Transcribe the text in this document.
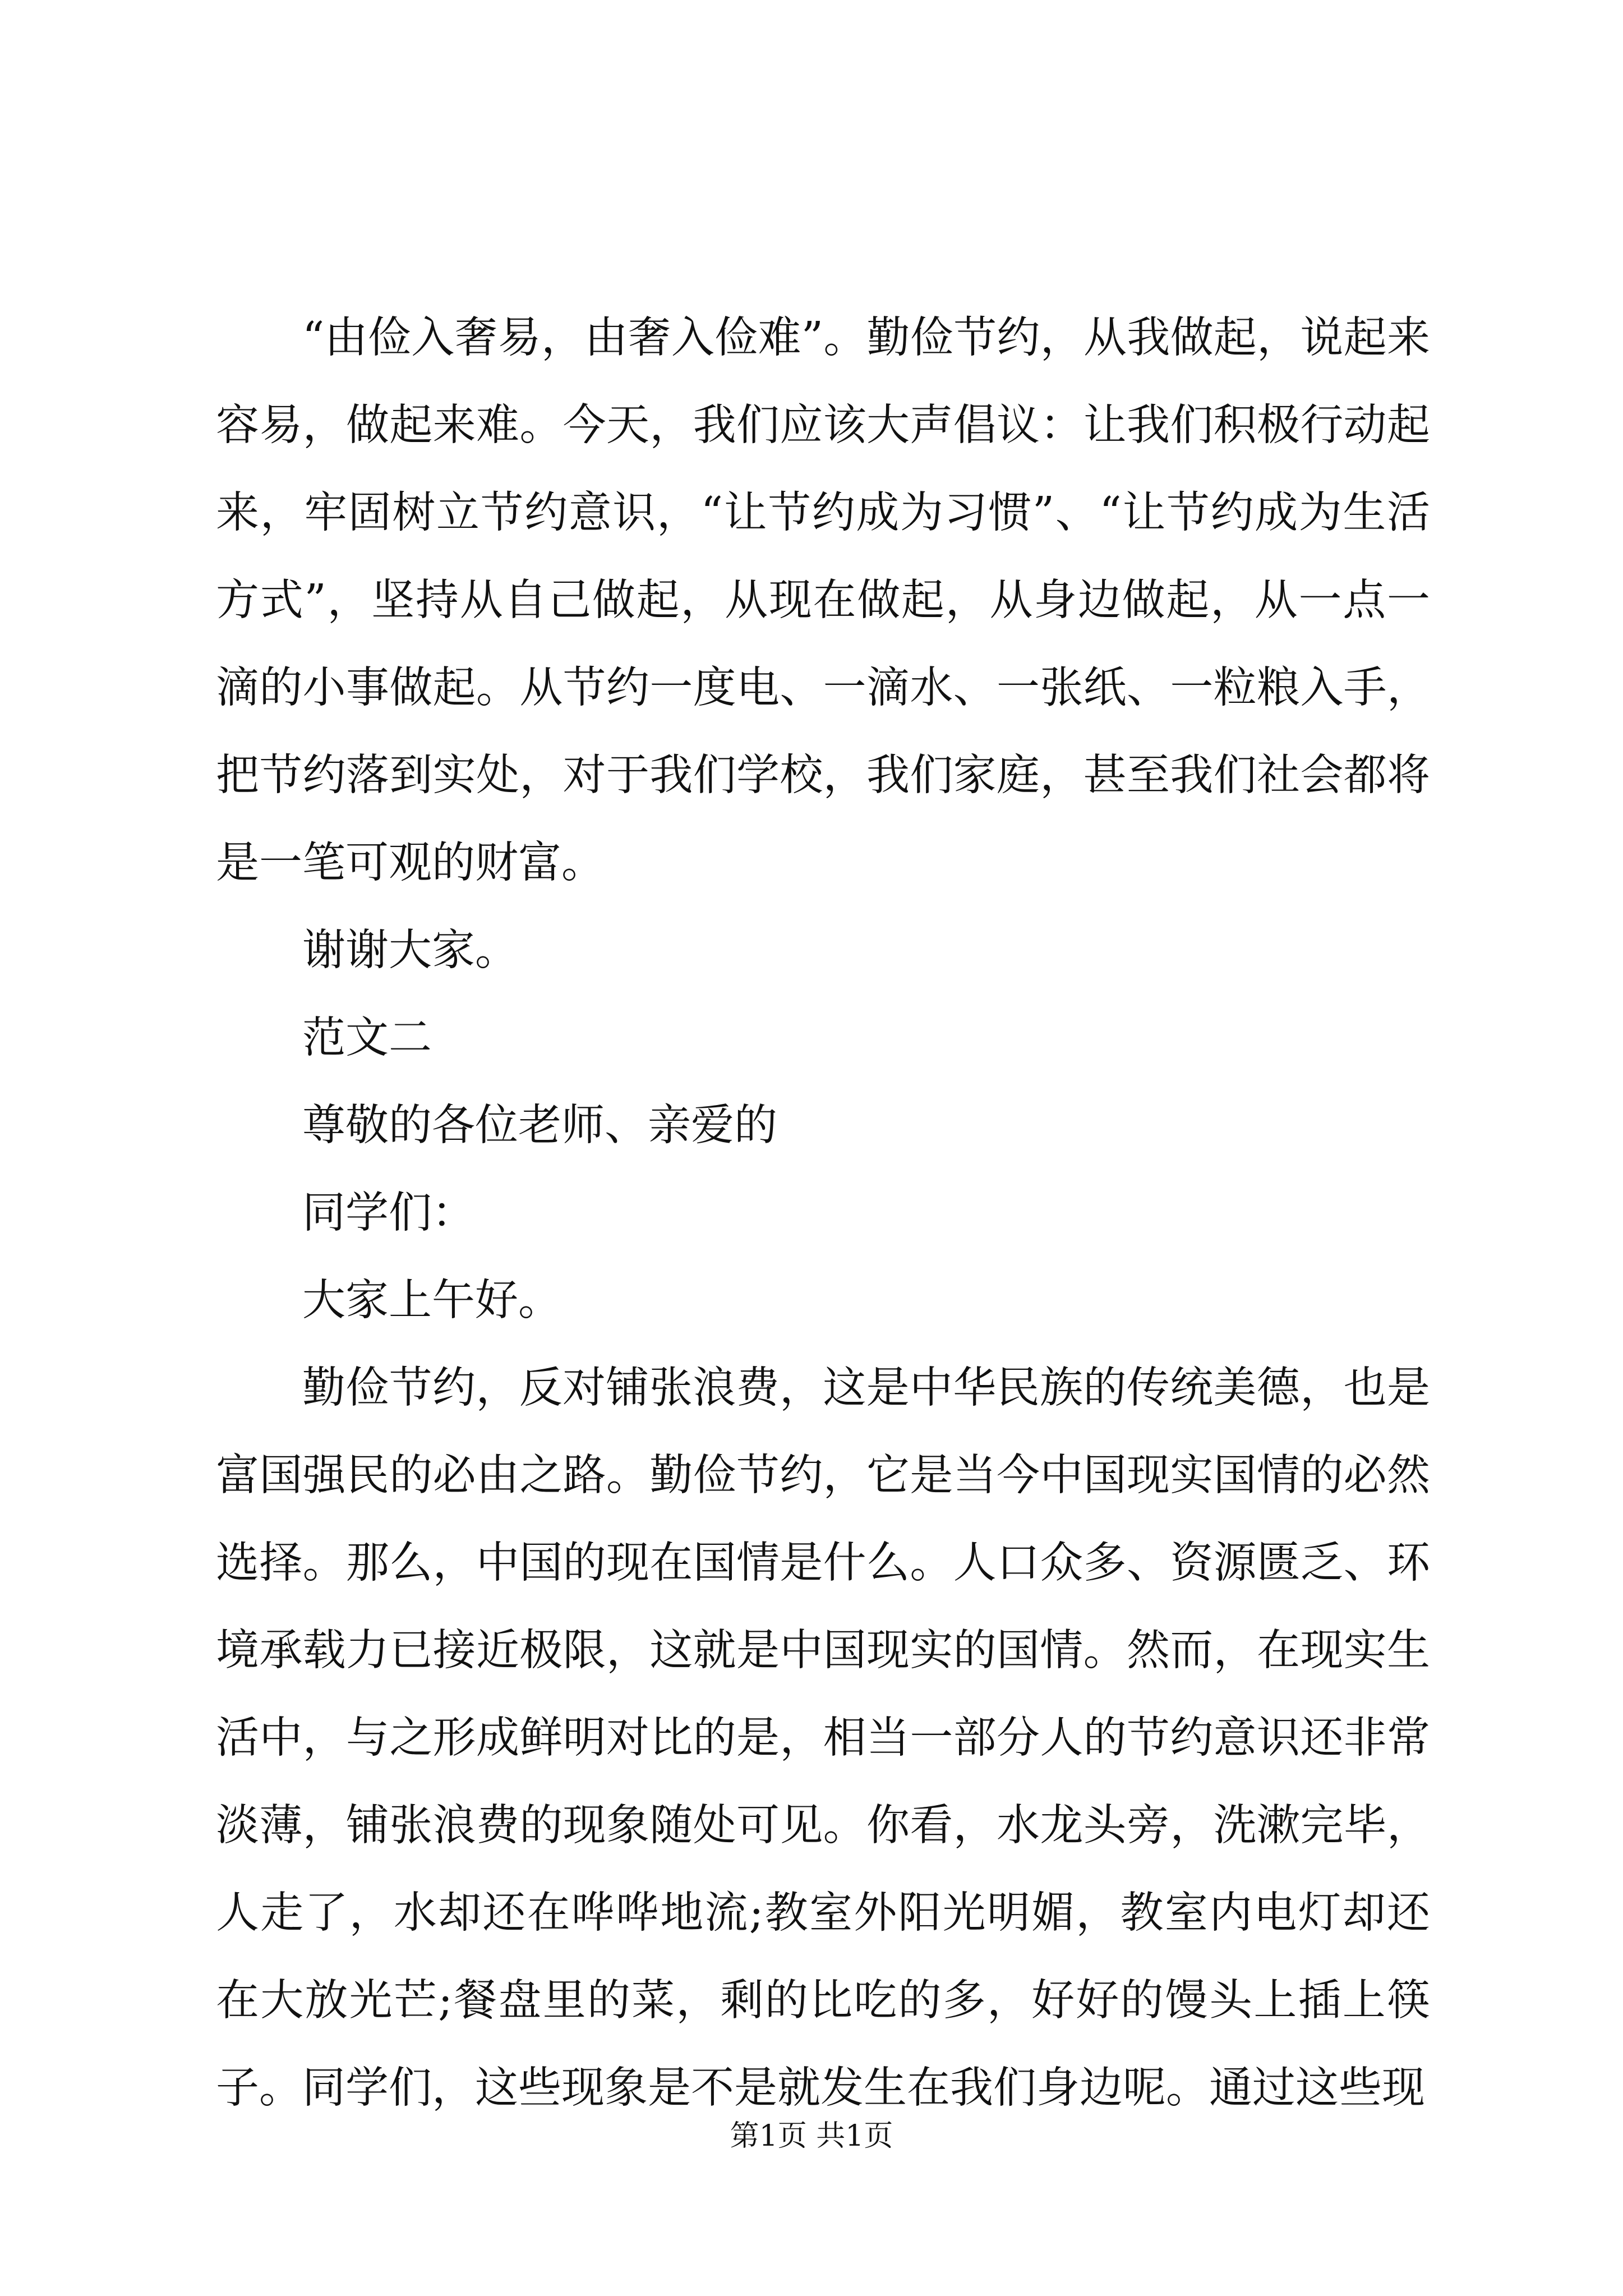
“由俭入奢易，由奢入俭难”。勤俭节约，从我做起，说起来容易，做起来难。今天，我们应该大声倡议：让我们积极行动起来，牢固树立节约意识，“让节约成为习惯”、“让节约成为生活方式”，坚持从自己做起，从现在做起，从身边做起，从一点一滴的小事做起。从节约一度电、一滴水、一张纸、一粒粮入手，把节约落到实处，对于我们学校，我们家庭，甚至我们社会都将是一笔可观的财富。

谢谢大家。

范文二

尊敬的各位老师、亲爱的

同学们：

大家上午好。

勤俭节约，反对铺张浪费，这是中华民族的传统美德，也是富国强民的必由之路。勤俭节约，它是当今中国现实国情的必然选择。那么，中国的现在国情是什么。人口众多、资源匮乏、环境承载力已接近极限，这就是中国现实的国情。然而，在现实生活中，与之形成鲜明对比的是，相当一部分人的节约意识还非常淡薄，铺张浪费的现象随处可见。你看，水龙头旁，洗漱完毕，人走了，水却还在哗哗地流;教室外阳光明媚，教室内电灯却还在大放光芒;餐盘里的菜，剩的比吃的多，好好的馒头上插上筷子。同学们，这些现象是不是就发生在我们身边呢。通过这些现

第1页 共1页
